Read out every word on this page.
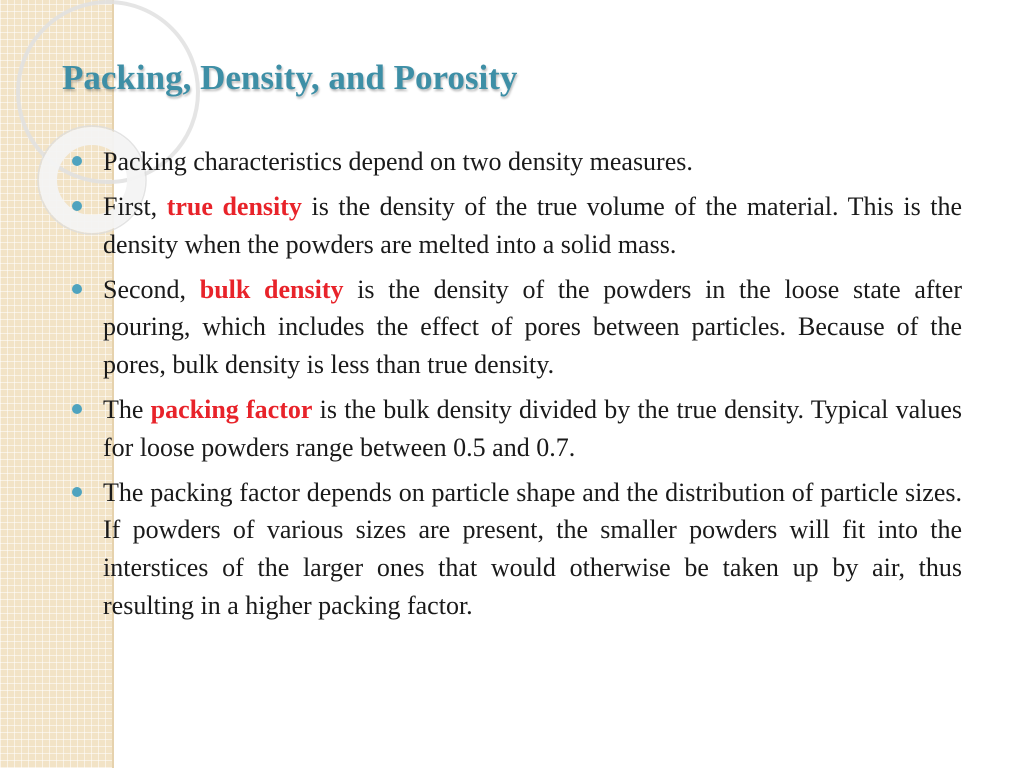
Packing, Density, and Porosity
Packing characteristics depend on two density measures.
First, true density is the density of the true volume of the material. This is the density when the powders are melted into a solid mass.
Second, bulk density is the density of the powders in the loose state after pouring, which includes the effect of pores between particles. Because of the pores, bulk density is less than true density.
The packing factor is the bulk density divided by the true density. Typical values for loose powders range between 0.5 and 0.7.
The packing factor depends on particle shape and the distribution of particle sizes. If powders of various sizes are present, the smaller powders will fit into the interstices of the larger ones that would otherwise be taken up by air, thus resulting in a higher packing factor.
